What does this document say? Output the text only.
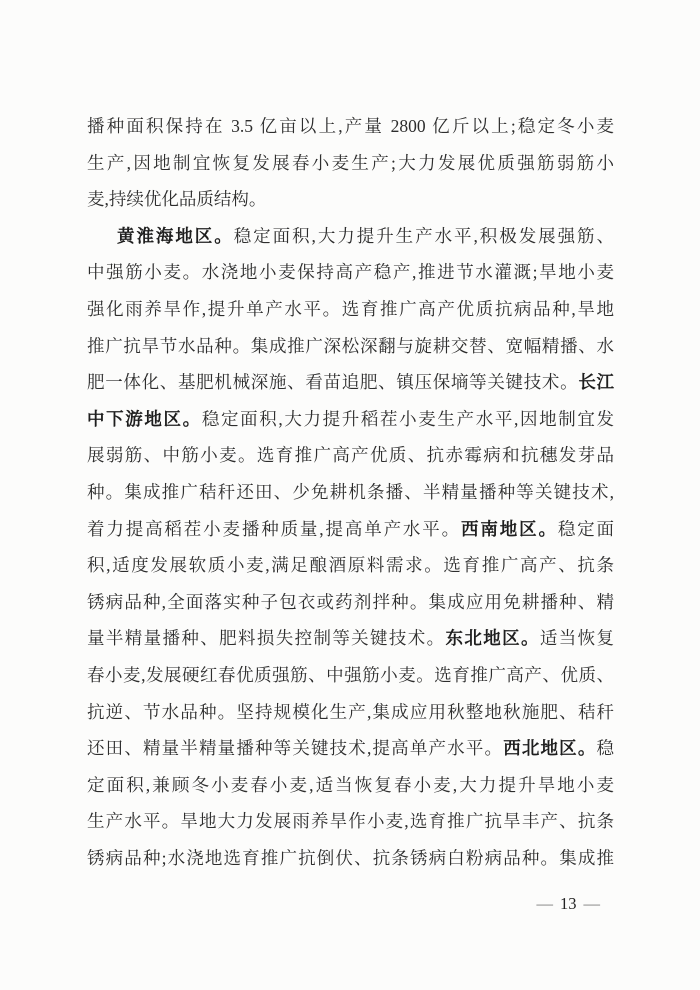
播种面积保持在 3.5 亿亩以上,产量 2800 亿斤以上;稳定冬小麦
生产,因地制宜恢复发展春小麦生产;大力发展优质强筋弱筋小
麦,持续优化品质结构。
黄淮海地区。稳定面积,大力提升生产水平,积极发展强筋、
中强筋小麦。水浇地小麦保持高产稳产,推进节水灌溉;旱地小麦
强化雨养旱作,提升单产水平。选育推广高产优质抗病品种,旱地
推广抗旱节水品种。集成推广深松深翻与旋耕交替、宽幅精播、水
肥一体化、基肥机械深施、看苗追肥、镇压保墒等关键技术。长江
中下游地区。稳定面积,大力提升稻茬小麦生产水平,因地制宜发
展弱筋、中筋小麦。选育推广高产优质、抗赤霉病和抗穗发芽品
种。集成推广秸秆还田、少免耕机条播、半精量播种等关键技术,
着力提高稻茬小麦播种质量,提高单产水平。西南地区。稳定面
积,适度发展软质小麦,满足酿酒原料需求。选育推广高产、抗条
锈病品种,全面落实种子包衣或药剂拌种。集成应用免耕播种、精
量半精量播种、肥料损失控制等关键技术。东北地区。适当恢复
春小麦,发展硬红春优质强筋、中强筋小麦。选育推广高产、优质、
抗逆、节水品种。坚持规模化生产,集成应用秋整地秋施肥、秸秆
还田、精量半精量播种等关键技术,提高单产水平。西北地区。稳
定面积,兼顾冬小麦春小麦,适当恢复春小麦,大力提升旱地小麦
生产水平。旱地大力发展雨养旱作小麦,选育推广抗旱丰产、抗条
锈病品种;水浇地选育推广抗倒伏、抗条锈病白粉病品种。集成推
— 13 —
